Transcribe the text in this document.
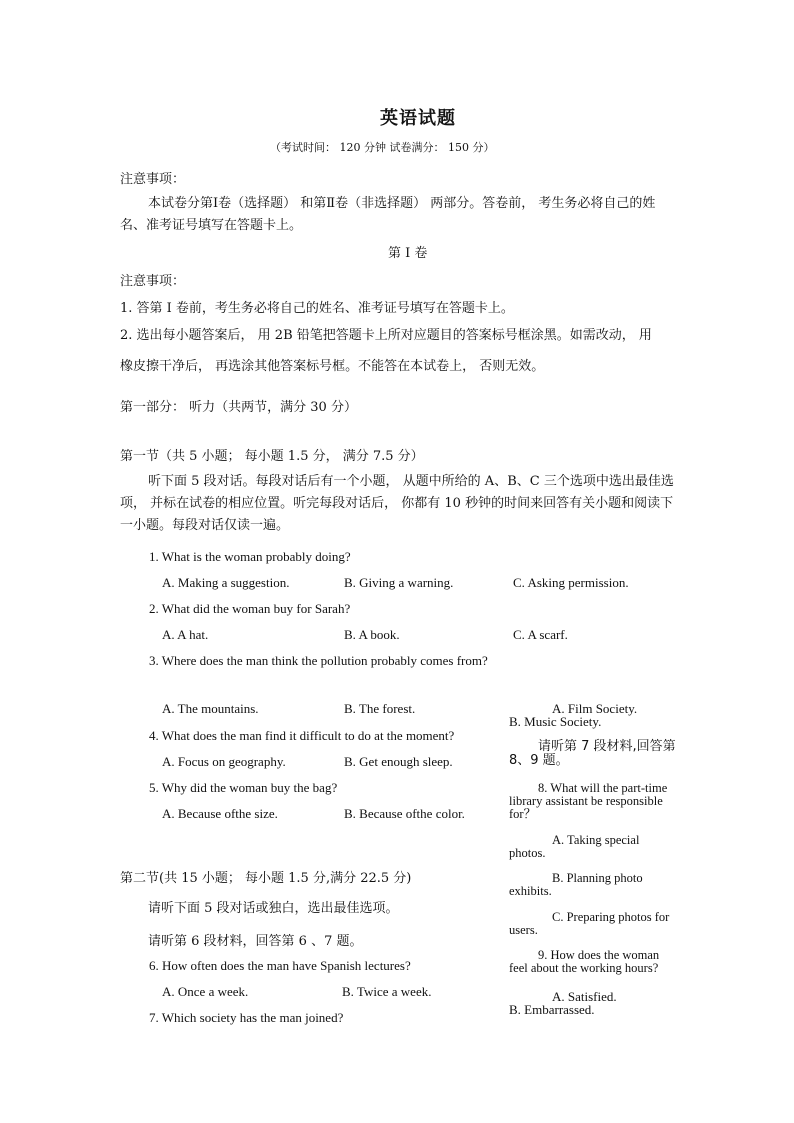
英语试题
（考试时间： 120 分钟 试卷满分： 150 分）
注意事项：
本试卷分第Ⅰ卷（选择题） 和第Ⅱ卷（非选择题） 两部分。答卷前， 考生务必将自己的姓名、准考证号填写在答题卡上。
第 Ⅰ 卷
注意事项：
1. 答第 Ⅰ 卷前，考生务必将自己的姓名、准考证号填写在答题卡上。
2. 选出每小题答案后， 用 2B 铅笔把答题卡上所对应题目的答案标号框涂黑。如需改动， 用
橡皮擦干净后， 再选涂其他答案标号框。不能答在本试卷上， 否则无效。
第一部分： 听力（共两节，满分 30 分）
第一节（共 5 小题； 每小题 1.5 分， 满分 7.5 分）
听下面 5 段对话。每段对话后有一个小题， 从题中所给的 A、B、C 三个选项中选出最佳选项， 并标在试卷的相应位置。听完每段对话后， 你都有 10 秒钟的时间来回答有关小题和阅读下一小题。每段对话仅读一遍。
1. What is the woman probably doing?
A. Making a suggestion.	B. Giving a warning.	C. Asking permission.
2. What did the woman buy for Sarah?
A. A hat.	B. A book.	C. A scarf.
3. Where does the man think the pollution probably comes from?
A. The mountains.	B. The forest.
4. What does the man find it difficult to do at the moment?
A. Focus on geography.	B. Get enough sleep.
5. Why did the woman buy the bag?
A. Because ofthe size.	B. Because ofthe color.
第二节(共 15 小题； 每小题 1.5 分,满分 22.5 分)
请听下面 5 段对话或独白，选出最佳选项。
请听第 6 段材料，回答第 6 、7 题。
6. How often does the man have Spanish lectures?
A. Once a week.	B. Twice a week.
7. Which society has the man joined?
A. Film Society.
B. Music Society.
请听第 7 段材料,回答第 8、9 题。
8. What will the part-time library assistant be responsible for？
A. Taking special photos.
B. Planning photo exhibits.
C. Preparing photos for users.
9. How does the woman feel about the working hours?
A. Satisfied.
B. Embarrassed.
